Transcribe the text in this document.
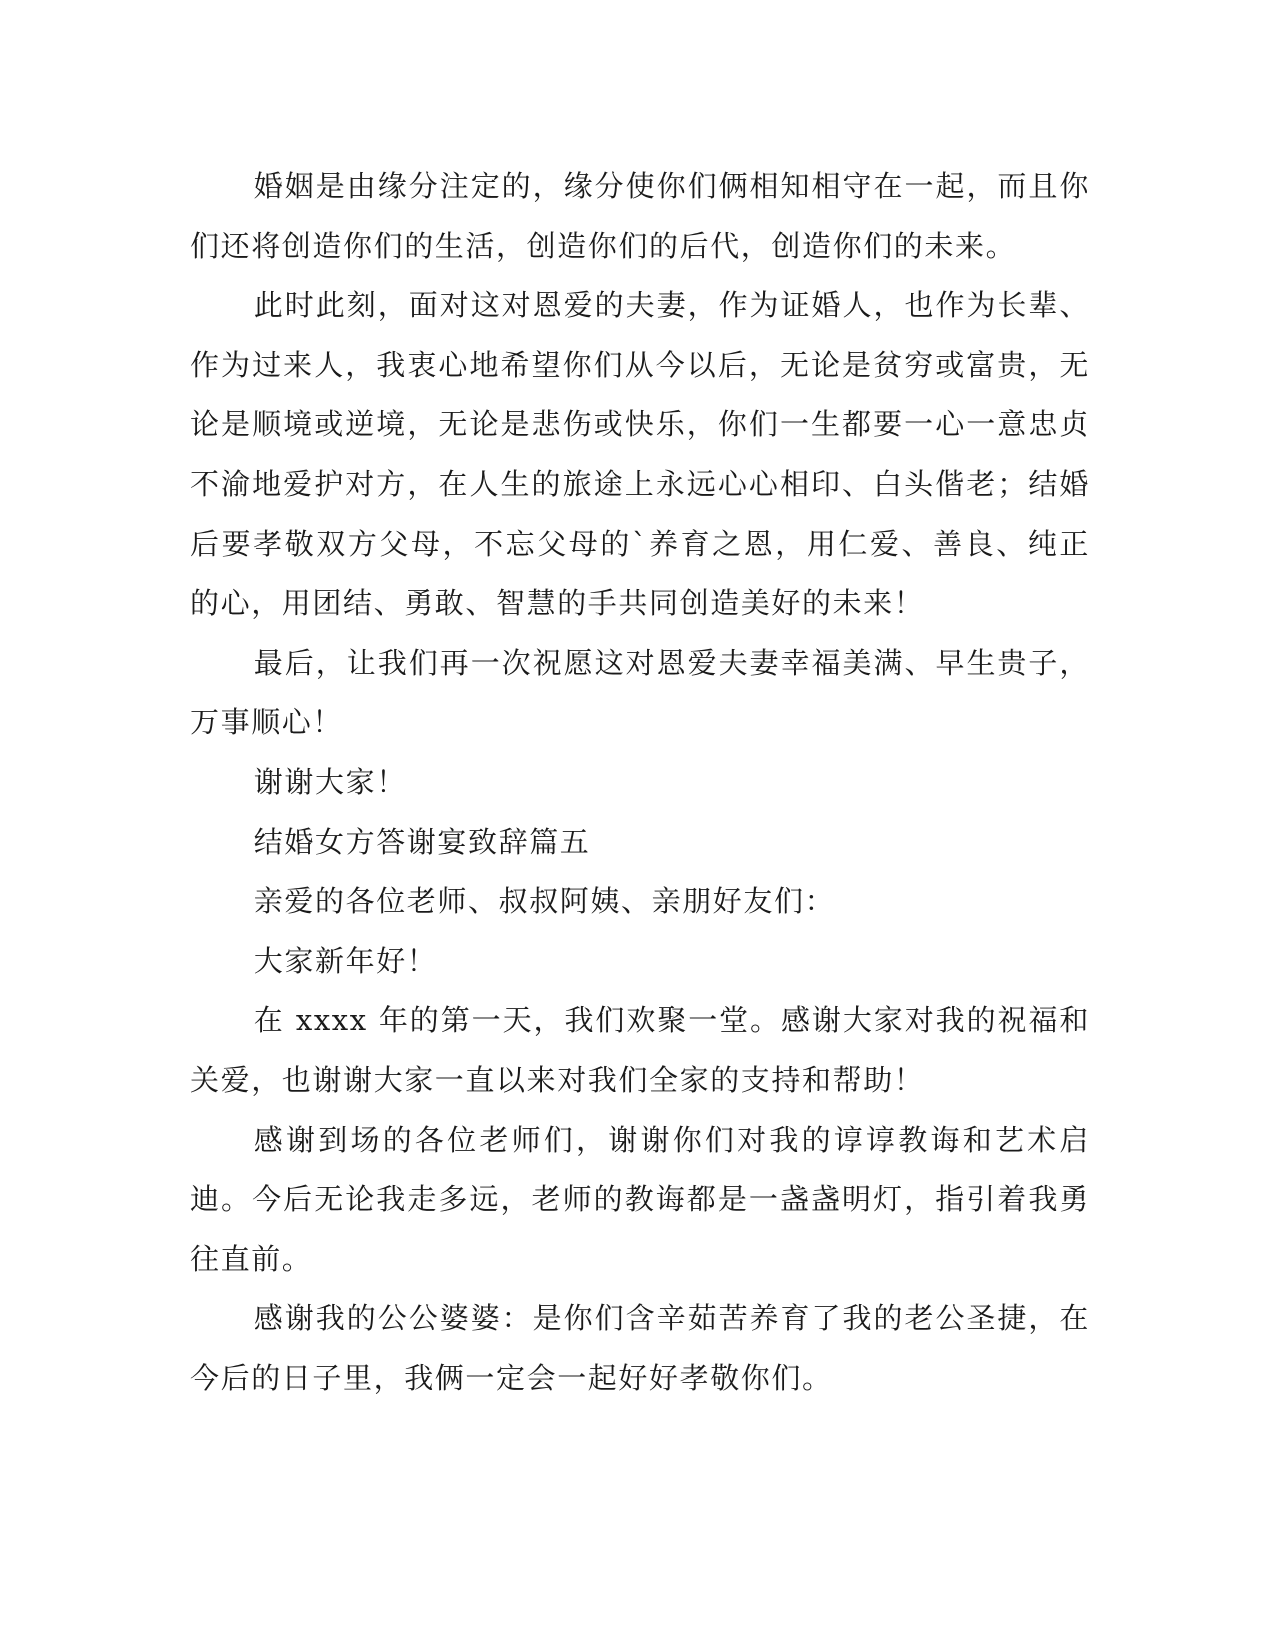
婚姻是由缘分注定的，缘分使你们俩相知相守在一起，而且你们还将创造你们的生活，创造你们的后代，创造你们的未来。

此时此刻，面对这对恩爱的夫妻，作为证婚人，也作为长辈、作为过来人，我衷心地希望你们从今以后，无论是贫穷或富贵，无论是顺境或逆境，无论是悲伤或快乐，你们一生都要一心一意忠贞不渝地爱护对方，在人生的旅途上永远心心相印、白头偕老；结婚后要孝敬双方父母，不忘父母的`养育之恩，用仁爱、善良、纯正的心，用团结、勇敢、智慧的手共同创造美好的未来！

最后，让我们再一次祝愿这对恩爱夫妻幸福美满、早生贵子，万事顺心！

谢谢大家！

结婚女方答谢宴致辞篇五

亲爱的各位老师、叔叔阿姨、亲朋好友们：

大家新年好！

在 xxxx 年的第一天，我们欢聚一堂。感谢大家对我的祝福和关爱，也谢谢大家一直以来对我们全家的支持和帮助！

感谢到场的各位老师们，谢谢你们对我的谆谆教诲和艺术启迪。今后无论我走多远，老师的教诲都是一盏盏明灯，指引着我勇往直前。

感谢我的公公婆婆：是你们含辛茹苦养育了我的老公圣捷，在今后的日子里，我俩一定会一起好好孝敬你们。
